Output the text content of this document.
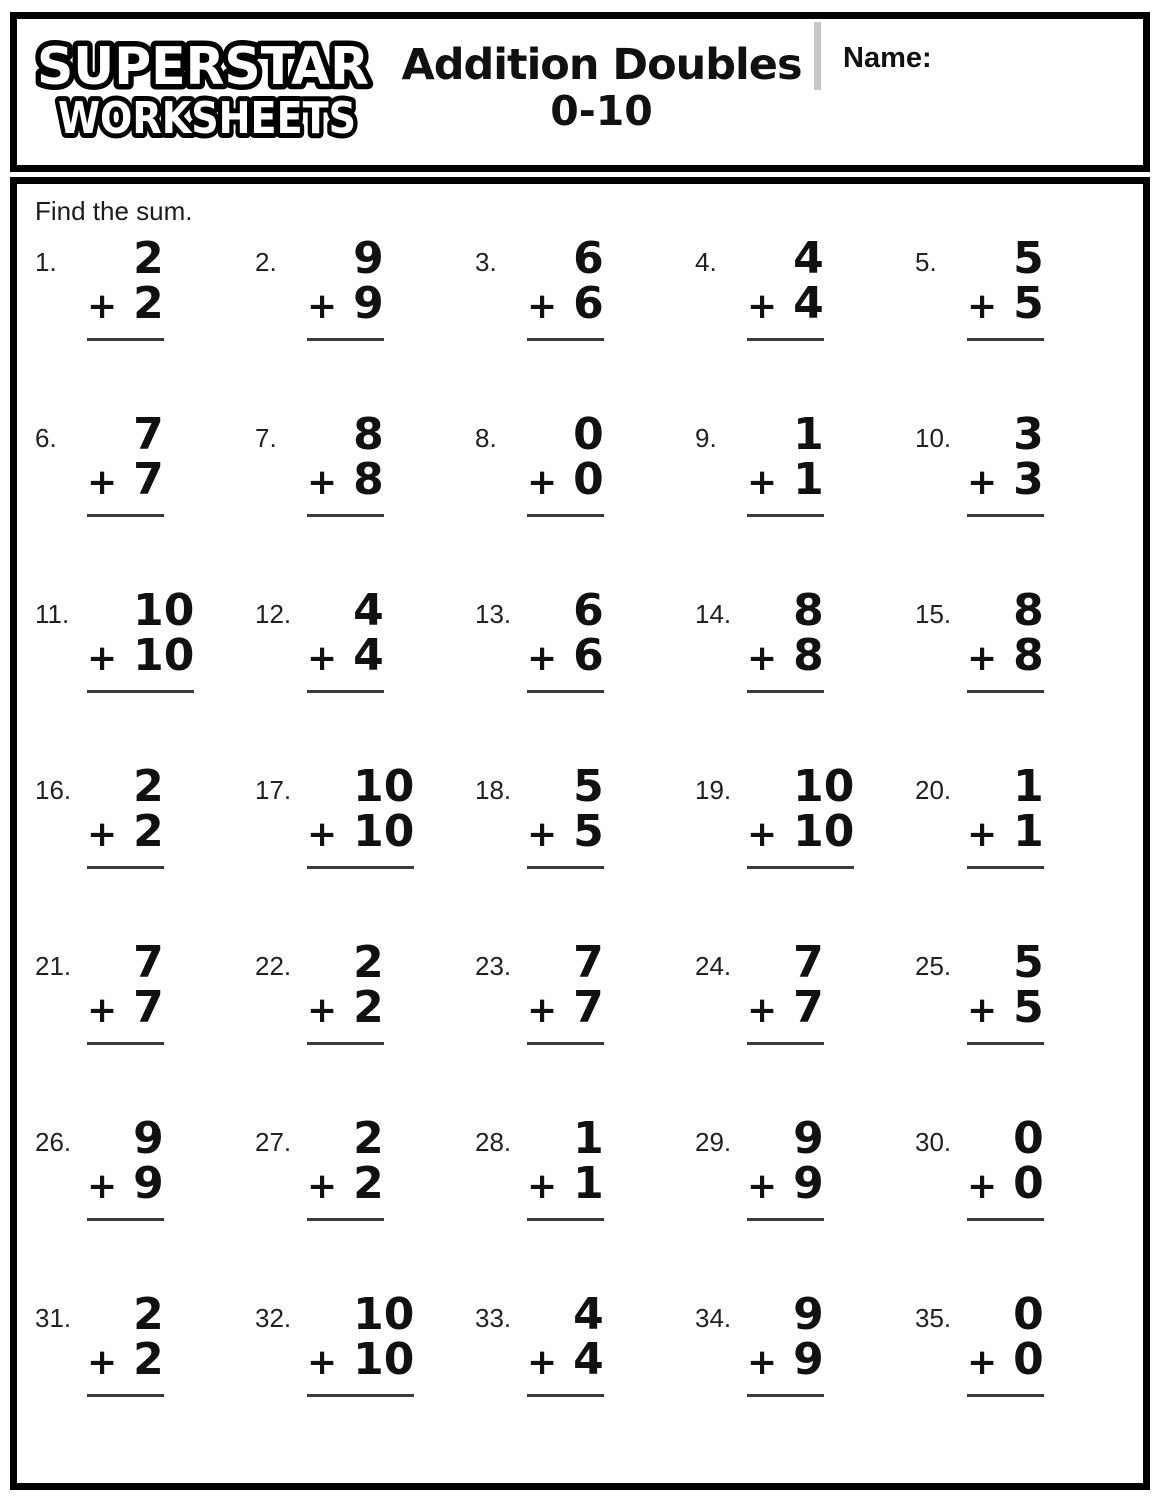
SUPERSTAR
WORKSHEETS
Addition Doubles
0-10
Name:

Find the sum.

1.	2
+ 2
2.	9
+ 9
3.	6
+ 6
4.	4
+ 4
5.	5
+ 5
6.	7
+ 7
7.	8
+ 8
8.	0
+ 0
9.	1
+ 1
10.	3
+ 3
11.	10
+ 10
12.	4
+ 4
13.	6
+ 6
14.	8
+ 8
15.	8
+ 8
16.	2
+ 2
17.	10
+ 10
18.	5
+ 5
19.	10
+ 10
20.	1
+ 1
21.	7
+ 7
22.	2
+ 2
23.	7
+ 7
24.	7
+ 7
25.	5
+ 5
26.	9
+ 9
27.	2
+ 2
28.	1
+ 1
29.	9
+ 9
30.	0
+ 0
31.	2
+ 2
32.	10
+ 10
33.	4
+ 4
34.	9
+ 9
35.	0
+ 0
